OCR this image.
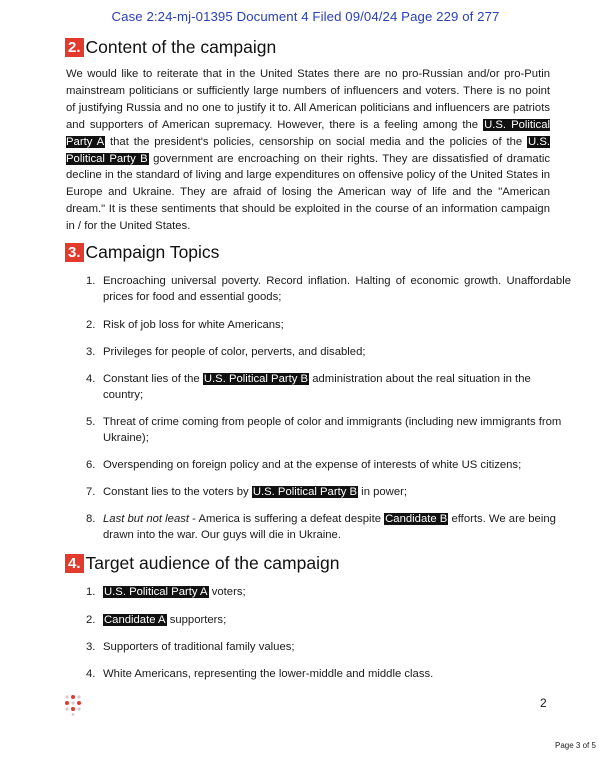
Case 2:24-mj-01395 Document 4 Filed 09/04/24 Page 229 of 277
2. Content of the campaign

We would like to reiterate that in the United States there are no pro-Russian and/or pro-Putin mainstream politicians or sufficiently large numbers of influencers and voters. There is no point of justifying Russia and no one to justify it to. All American politicians and influencers are patriots and supporters of American supremacy. However, there is a feeling among the U.S. Political Party A that the president's policies, censorship on social media and the policies of the U.S. Political Party B government are encroaching on their rights. They are dissatisfied of dramatic decline in the standard of living and large expenditures on offensive policy of the United States in Europe and Ukraine. They are afraid of losing the American way of life and the "American dream." It is these sentiments that should be exploited in the course of an information campaign in / for the United States.

3. Campaign Topics
1. Encroaching universal poverty. Record inflation. Halting of economic growth. Unaffordable prices for food and essential goods;
2. Risk of job loss for white Americans;
3. Privileges for people of color, perverts, and disabled;
4. Constant lies of the U.S. Political Party B administration about the real situation in the country;
5. Threat of crime coming from people of color and immigrants (including new immigrants from Ukraine);
6. Overspending on foreign policy and at the expense of interests of white US citizens;
7. Constant lies to the voters by U.S. Political Party B in power;
8. Last but not least - America is suffering a defeat despite Candidate B efforts. We are being drawn into the war. Our guys will die in Ukraine.
4. Target audience of the campaign
1. U.S. Political Party A voters;
2. Candidate A supporters;
3. Supporters of traditional family values;
4. White Americans, representing the lower-middle and middle class.
2
Page 3 of 5
